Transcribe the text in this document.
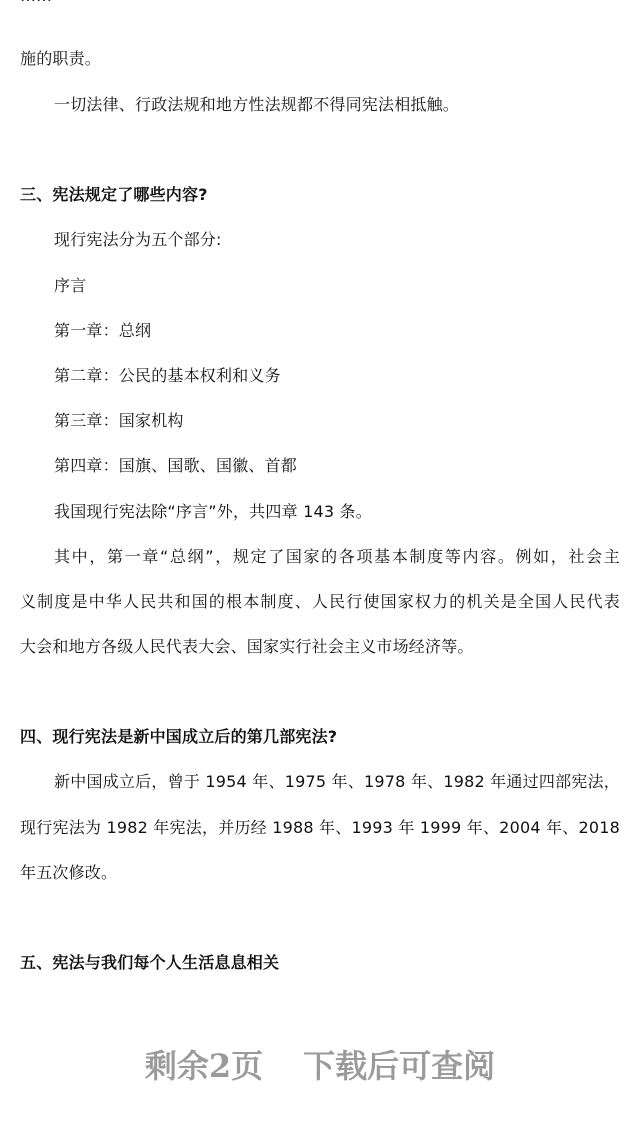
施的职责。
一切法律、行政法规和地方性法规都不得同宪法相抵触。
三、宪法规定了哪些内容?
现行宪法分为五个部分:
序言
第一章：总纲
第二章：公民的基本权利和义务
第三章：国家机构
第四章：国旗、国歌、国徽、首都
我国现行宪法除“序言”外，共四章 143 条。
其中，第一章“总纲”，规定了国家的各项基本制度等内容。例如，社会主
义制度是中华人民共和国的根本制度、人民行使国家权力的机关是全国人民代表
大会和地方各级人民代表大会、国家实行社会主义市场经济等。
四、现行宪法是新中国成立后的第几部宪法?
新中国成立后，曾于 1954 年、1975 年、1978 年、1982 年通过四部宪法，
现行宪法为 1982 年宪法，并历经 1988 年、1993 年 1999 年、2004 年、2018
年五次修改。
五、宪法与我们每个人生活息息相关
剩余2页 下载后可查阅
